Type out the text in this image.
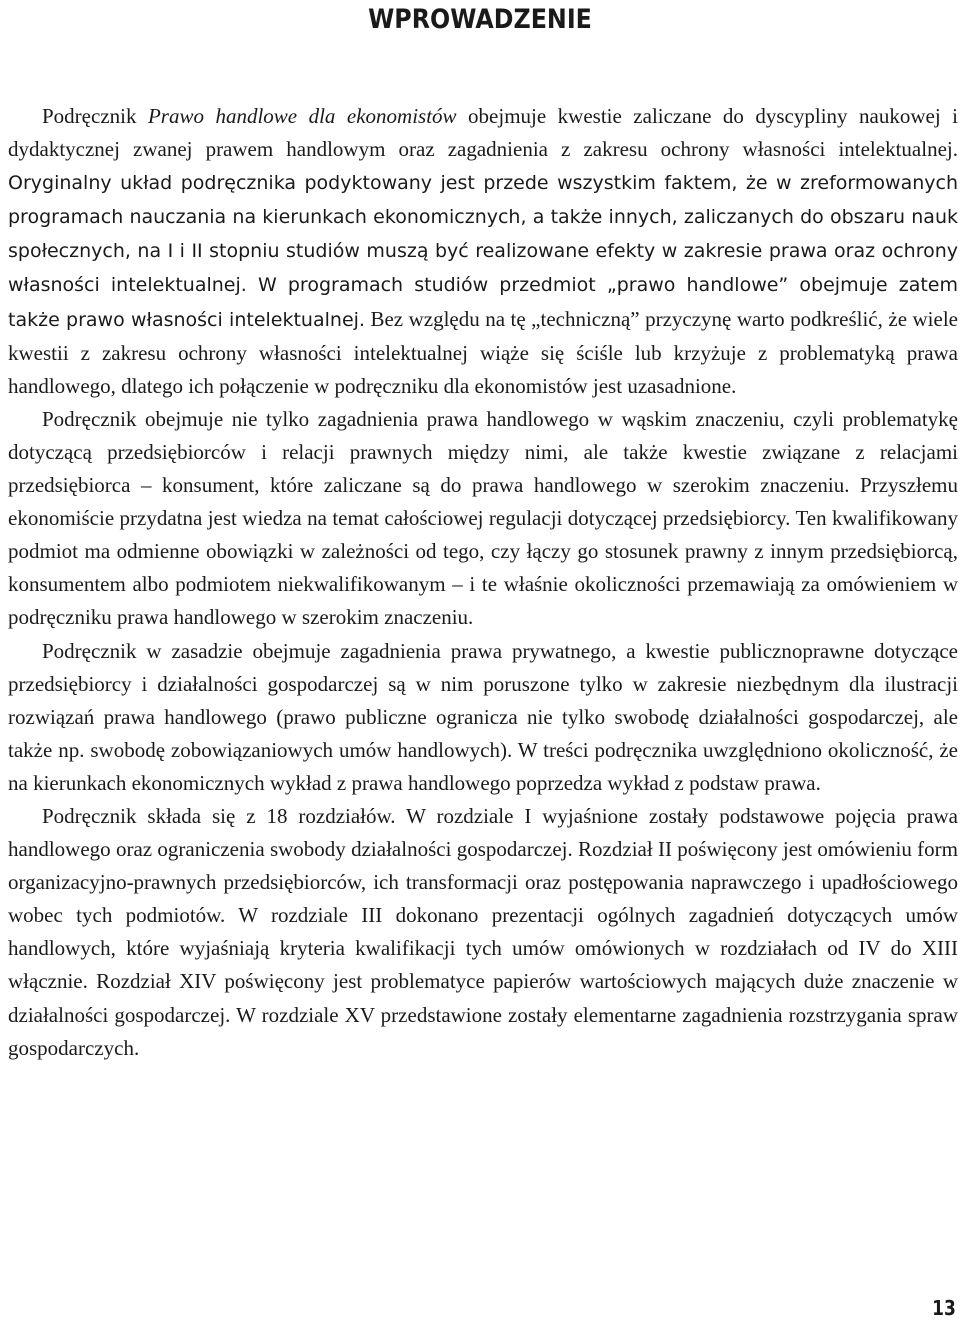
WPROWADZENIE

Podręcznik Prawo handlowe dla ekonomistów obejmuje kwestie zaliczane do dyscypliny naukowej i dydaktycznej zwanej prawem handlowym oraz zagadnienia z zakresu ochrony własności intelektualnej. Oryginalny układ podręcznika podyktowany jest przede wszystkim faktem, że w zreformowanych programach nauczania na kierunkach ekonomicznych, a także innych, zaliczanych do obszaru nauk społecznych, na I i II stopniu studiów muszą być realizowane efekty w zakresie prawa oraz ochrony własności intelektualnej. W programach studiów przedmiot „prawo handlowe” obejmuje zatem także prawo własności intelektualnej. Bez względu na tę „techniczną” przyczynę warto podkreślić, że wiele kwestii z zakresu ochrony własności intelektualnej wiąże się ściśle lub krzyżuje z problematyką prawa handlowego, dlatego ich połączenie w podręczniku dla ekonomistów jest uzasadnione.

Podręcznik obejmuje nie tylko zagadnienia prawa handlowego w wąskim znaczeniu, czyli problematykę dotyczącą przedsiębiorców i relacji prawnych między nimi, ale także kwestie związane z relacjami przedsiębiorca – konsument, które zaliczane są do prawa handlowego w szerokim znaczeniu. Przyszłemu ekonomiście przydatna jest wiedza na temat całościowej regulacji dotyczącej przedsiębiorcy. Ten kwalifikowany podmiot ma odmienne obowiązki w zależności od tego, czy łączy go stosunek prawny z innym przedsiębiorcą, konsumentem albo podmiotem niekwalifikowanym – i te właśnie okoliczności przemawiają za omówieniem w podręczniku prawa handlowego w szerokim znaczeniu.

Podręcznik w zasadzie obejmuje zagadnienia prawa prywatnego, a kwestie publicznoprawne dotyczące przedsiębiorcy i działalności gospodarczej są w nim poruszone tylko w zakresie niezbędnym dla ilustracji rozwiązań prawa handlowego (prawo publiczne ogranicza nie tylko swobodę działalności gospodarczej, ale także np. swobodę zobowiązaniowych umów handlowych). W treści podręcznika uwzględniono okoliczność, że na kierunkach ekonomicznych wykład z prawa handlowego poprzedza wykład z podstaw prawa.

Podręcznik składa się z 18 rozdziałów. W rozdziale I wyjaśnione zostały podstawowe pojęcia prawa handlowego oraz ograniczenia swobody działalności gospodarczej. Rozdział II poświęcony jest omówieniu form organizacyjno-prawnych przedsiębiorców, ich transformacji oraz postępowania naprawczego i upadłościowego wobec tych podmiotów. W rozdziale III dokonano prezentacji ogólnych zagadnień dotyczących umów handlowych, które wyjaśniają kryteria kwalifikacji tych umów omówionych w rozdziałach od IV do XIII włącznie. Rozdział XIV poświęcony jest problematyce papierów wartościowych mających duże znaczenie w działalności gospodarczej. W rozdziale XV przedstawione zostały elementarne zagadnienia rozstrzygania spraw gospodarczych.

13
